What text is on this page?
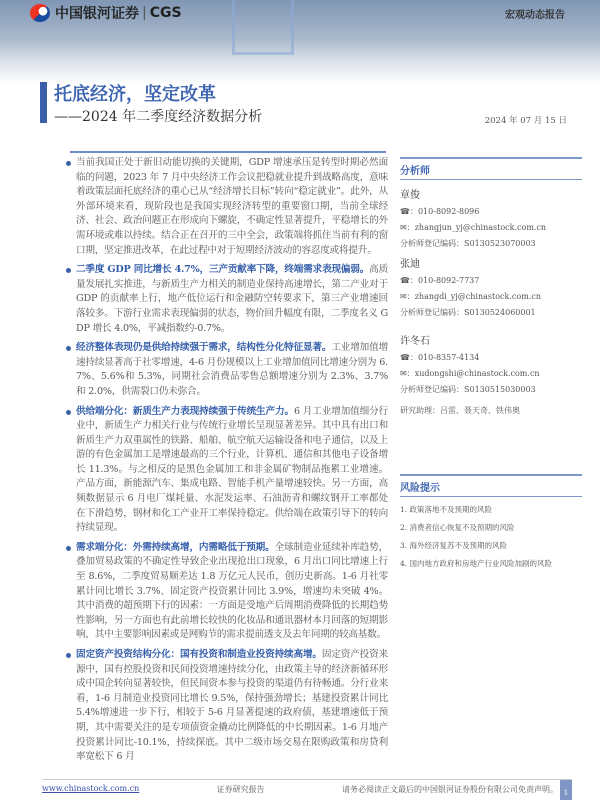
中国银河证券 | CGS	宏观动态报告
托底经济，坚定改革
——2024 年二季度经济数据分析	2024 年 07 月 15 日

当前我国正处于新旧动能切换的关键期，GDP 增速承压是转型时期必然面临的问题，2023 年 7 月中央经济工作会议把稳就业提升到战略高度，意味着政策层面托底经济的重心已从“经济增长目标”转向“稳定就业”。此外，从外部环境来看，现阶段也是我国实现经济转型的重要窗口期，当前全球经济、社会、政治问题正在形成向下螺旋，不确定性显著提升，平稳增长的外需环境或难以持续。结合正在召开的三中全会，政策端将抓住当前有利的窗口期，坚定推进改革，在此过程中对于短期经济波动的容忍度或将提升。

二季度 GDP 同比增长 4.7%，三产贡献率下降，终端需求表现偏弱。高质量发展扎实推进，与新质生产力相关的制造业保持高速增长，第二产业对于 GDP 的贡献率上行，地产低位运行和金融防空转要求下，第三产业增速回落较多。下游行业需求表现偏弱的状态，物价回升幅度有限，二季度名义 GDP 增长 4.0%，平减指数约-0.7%。

经济整体表现仍是供给持续强于需求，结构性分化特征显著。工业增加值增速持续显著高于社零增速，4-6 月份规模以上工业增加值同比增速分别为 6.7%、5.6%和 5.3%，同期社会消费品零售总额增速分别为 2.3%、3.7%和 2.0%，供需裂口仍未弥合。

供给端分化：新质生产力表现持续强于传统生产力。6 月工业增加值细分行业中，新质生产力相关行业与传统行业增长呈现显著差异。其中具有出口和新质生产力双重属性的铁路、船舶、航空航天运输设备和电子通信，以及上游的有色金属加工是增速最高的三个行业，计算机、通信和其他电子设备增长 11.3%。与之相反的是黑色金属加工和非金属矿物制品拖累工业增速。产品方面，新能源汽车、集成电路、智能手机产量增速较快。另一方面，高频数据显示 6 月电厂煤耗量、水泥发运率、石油沥青和螺纹钢开工率都处在下滑趋势，钢材和化工产业开工率保持稳定。供给端在政策引导下的转向持续显现。

需求端分化：外需持续高增，内需略低于预期。全球制造业延续补库趋势，叠加贸易政策的不确定性导致企业出现抢出口现象，6 月出口同比增速上行至 8.6%，二季度贸易顺差达 1.8 万亿元人民币，创历史新高。1-6 月社零累计同比增长 3.7%、固定资产投资累计同比 3.9%，增速均未突破 4%。其中消费的超预期下行的因素：一方面是受地产后周期消费降低的长期趋势性影响，另一方面也有此前增长较快的化妆品和通讯器材本月回落的短期影响，其中主要影响因素或是网购节的需求提前透支及去年同期的较高基数。

固定资产投资结构分化：国有投资和制造业投资持续高增。固定资产投资来源中，国有控股投资和民间投资增速持续分化，由政策主导的经济新循环形成中国企转向显著较快，但民间资本参与投资的渠道仍有待畅通。分行业来看，1-6 月制造业投资同比增长 9.5%，保持强劲增长；基建投资累计同比 5.4%增速进一步下行，相较于 5-6 月显著提速的政府债，基建增速低于预期，其中需要关注的是专项债资金撬动比例降低的中长期因素。1-6 月地产投资累计同比-10.1%，持续探底。其中二级市场交易在限购政策和房贷利率宽松下 6 月

分析师
章俊
☎：010-8092-8096
✉：zhangjun_yj@chinastock.com.cn
分析师登记编码：S0130523070003
张迪
☎：010-8092-7737
✉：zhangdi_yj@chinastock.com.cn
分析师登记编码：S0130524060001
许冬石
☎：010-8357-4134
✉：xudongshi@chinastock.com.cn
分析师登记编码：S0130515030003
研究助理：吕雷、聂天奇、铁伟奥
风险提示
1. 政策落地不及预期的风险
2. 消费者信心恢复不及预期的风险
3. 海外经济复苏不及预期的风险
4. 国内地方政府和房地产行业风险加剧的风险
www.chinastock.com.cn	证券研究报告	请务必阅读正文最后的中国银河证券股份有限公司免责声明。 1
